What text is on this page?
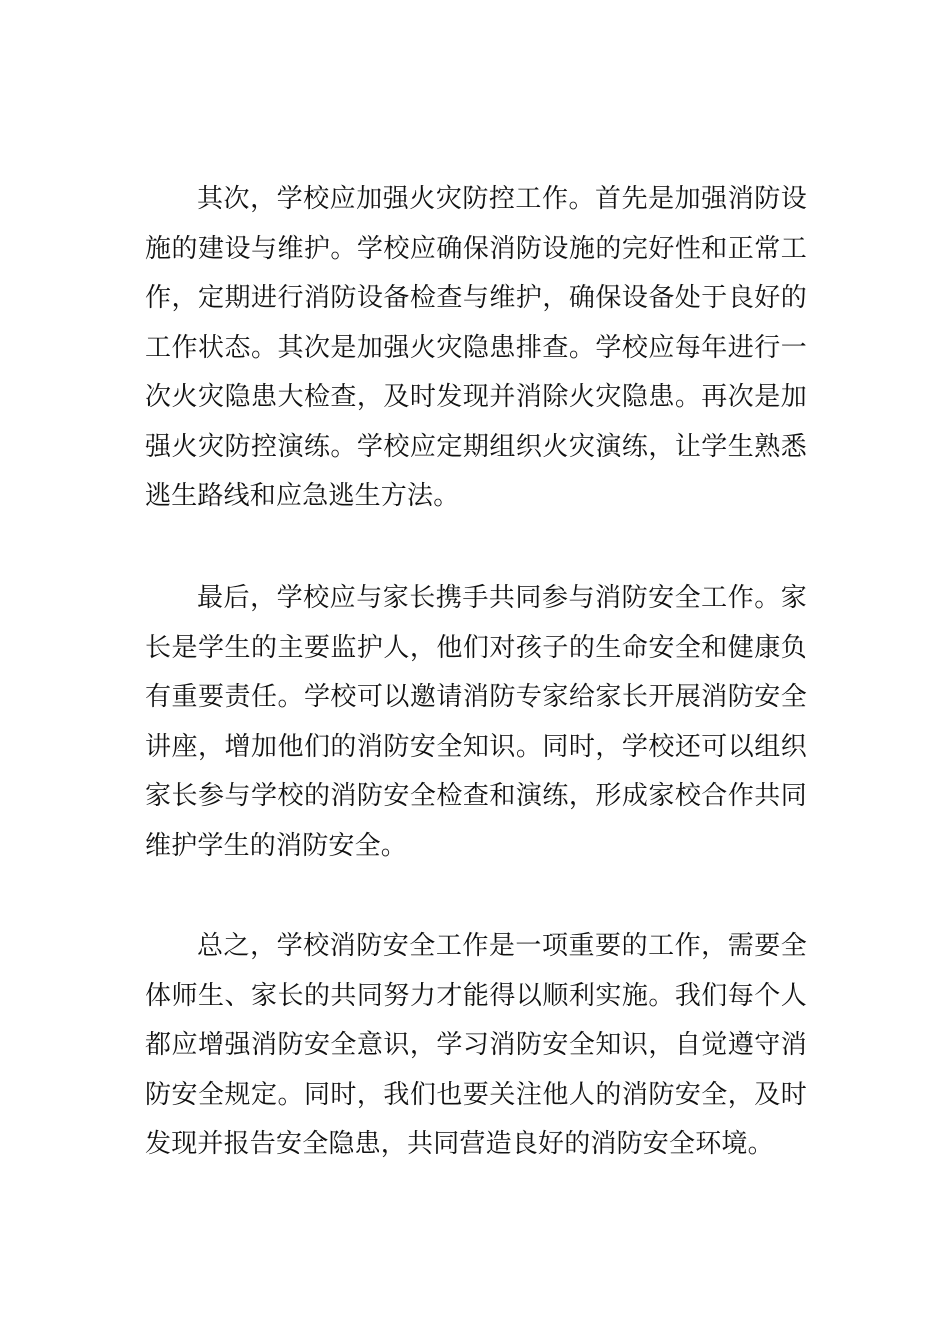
其次，学校应加强火灾防控工作。首先是加强消防设施的建设与维护。学校应确保消防设施的完好性和正常工作，定期进行消防设备检查与维护，确保设备处于良好的工作状态。其次是加强火灾隐患排查。学校应每年进行一次火灾隐患大检查，及时发现并消除火灾隐患。再次是加强火灾防控演练。学校应定期组织火灾演练，让学生熟悉逃生路线和应急逃生方法。

最后，学校应与家长携手共同参与消防安全工作。家长是学生的主要监护人，他们对孩子的生命安全和健康负有重要责任。学校可以邀请消防专家给家长开展消防安全讲座，增加他们的消防安全知识。同时，学校还可以组织家长参与学校的消防安全检查和演练，形成家校合作共同维护学生的消防安全。

总之，学校消防安全工作是一项重要的工作，需要全体师生、家长的共同努力才能得以顺利实施。我们每个人都应增强消防安全意识，学习消防安全知识，自觉遵守消防安全规定。同时，我们也要关注他人的消防安全，及时发现并报告安全隐患，共同营造良好的消防安全环境。
